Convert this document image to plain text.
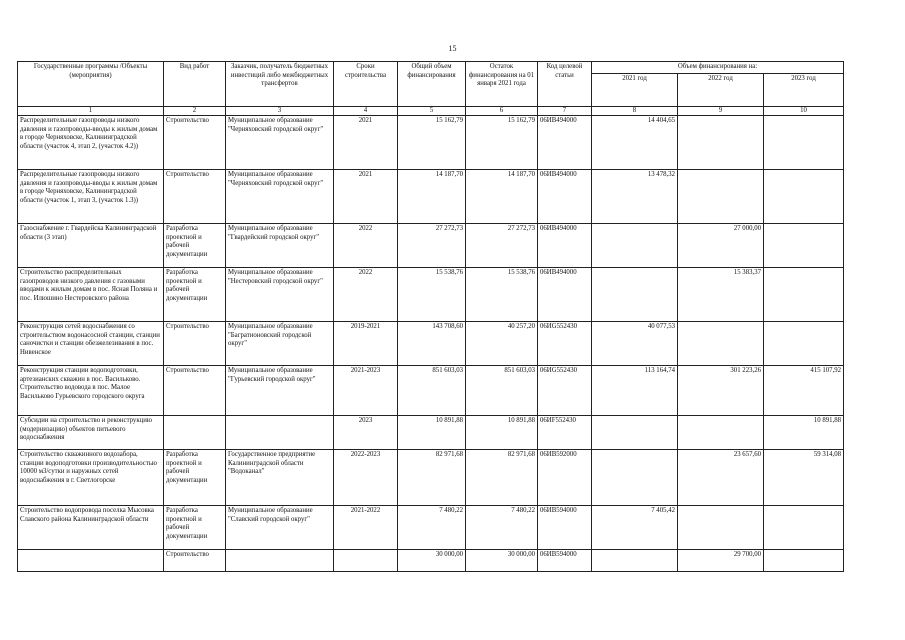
15
Государственные программы /Объекты (мероприятия)	Вид работ	Заказчик, получатель бюджетных инвестиций либо межбюджетных трансфертов	Сроки строительства	Общий объем финансирования	Остаток финансирования на 01 января 2021 года	Код целевой статьи	Объем финансирования на:		
							2021 год	2022 год	2023 год
1	2	3	4	5	6	7	8	9	10
Распределительные газопроводы низкого давления и газопроводы-вводы к жилым домам в городе Черняховске, Калининградской области (участок 4, этап 2, (участок 4.2))	Строительство	Муниципальное образование "Черняховский городской округ"	2021	15 162,79	15 162,79	06ИВ494000	14 404,65		
Распределительные газопроводы низкого давления и газопроводы-вводы к жилым домам в городе Черняховске, Калининградской области (участок 1, этап 3, (участок 1.3))	Строительство	Муниципальное образование "Черняховский городской округ"	2021	14 187,70	14 187,70	06ИВ494000	13 478,32		
Газоснабжение г. Гвардейска Калининградской области (3 этап)	Разработка проектной и рабочей документации	Муниципальное образование "Гвардейский городской округ"	2022	27 272,73	27 272,73	06ИВ494000		27 000,00	
Строительство распределительных газопроводов низкого давления с газовыми вводами к жилым домам в пос. Ясная Поляна и пос. Илюшино Нестеровского района	Разработка проектной и рабочей документации	Муниципальное образование "Нестеровский городской округ"	2022	15 538,76	15 538,76	06ИВ494000		15 383,37	
Реконструкция сетей водоснабжения со строительством водонасосной станции, станции саночистки и станции обезжелезивания в пос. Нивенское	Строительство	Муниципальное образование "Багратионовский городской округ"	2019-2021	143 708,60	40 257,20	06ИG552430	40 077,53		
Реконструкция станции водоподготовки, артезианских скважин в пос. Васильково. Строительство водовода в пос. Малое Васильково Гурьевского городского округа	Строительство	Муниципальное образование "Гурьевский городской округ"	2021-2023	851 603,03	851 603,03	06ИG552430	113 164,74	301 223,26	415 107,92
Субсидии на строительство и реконструкцию (модернизацию) объектов питьевого водоснабжения			2023	10 891,88	10 891,88	06ИF552430			10 891,88
Строительство скважинного водозабора, станции водоподготовки производительностью 10000 м3/сутки и наружных сетей водоснабжения в г. Светлогорске	Разработка проектной и рабочей документации	Государственное предприятие Калининградской области "Водоканал"	2022-2023	82 971,68	82 971,68	06ИВ592000		23 657,60	59 314,08
Строительство водопровода поселка Мысовка Славского района Калининградской области	Разработка проектной и рабочей документации	Муниципальное образование "Славский городской округ"	2021-2022	7 480,22	7 480,22	06ИВ594000	7 405,42		
	Строительство			30 000,00	30 000,00	06ИВ594000		29 700,00	
